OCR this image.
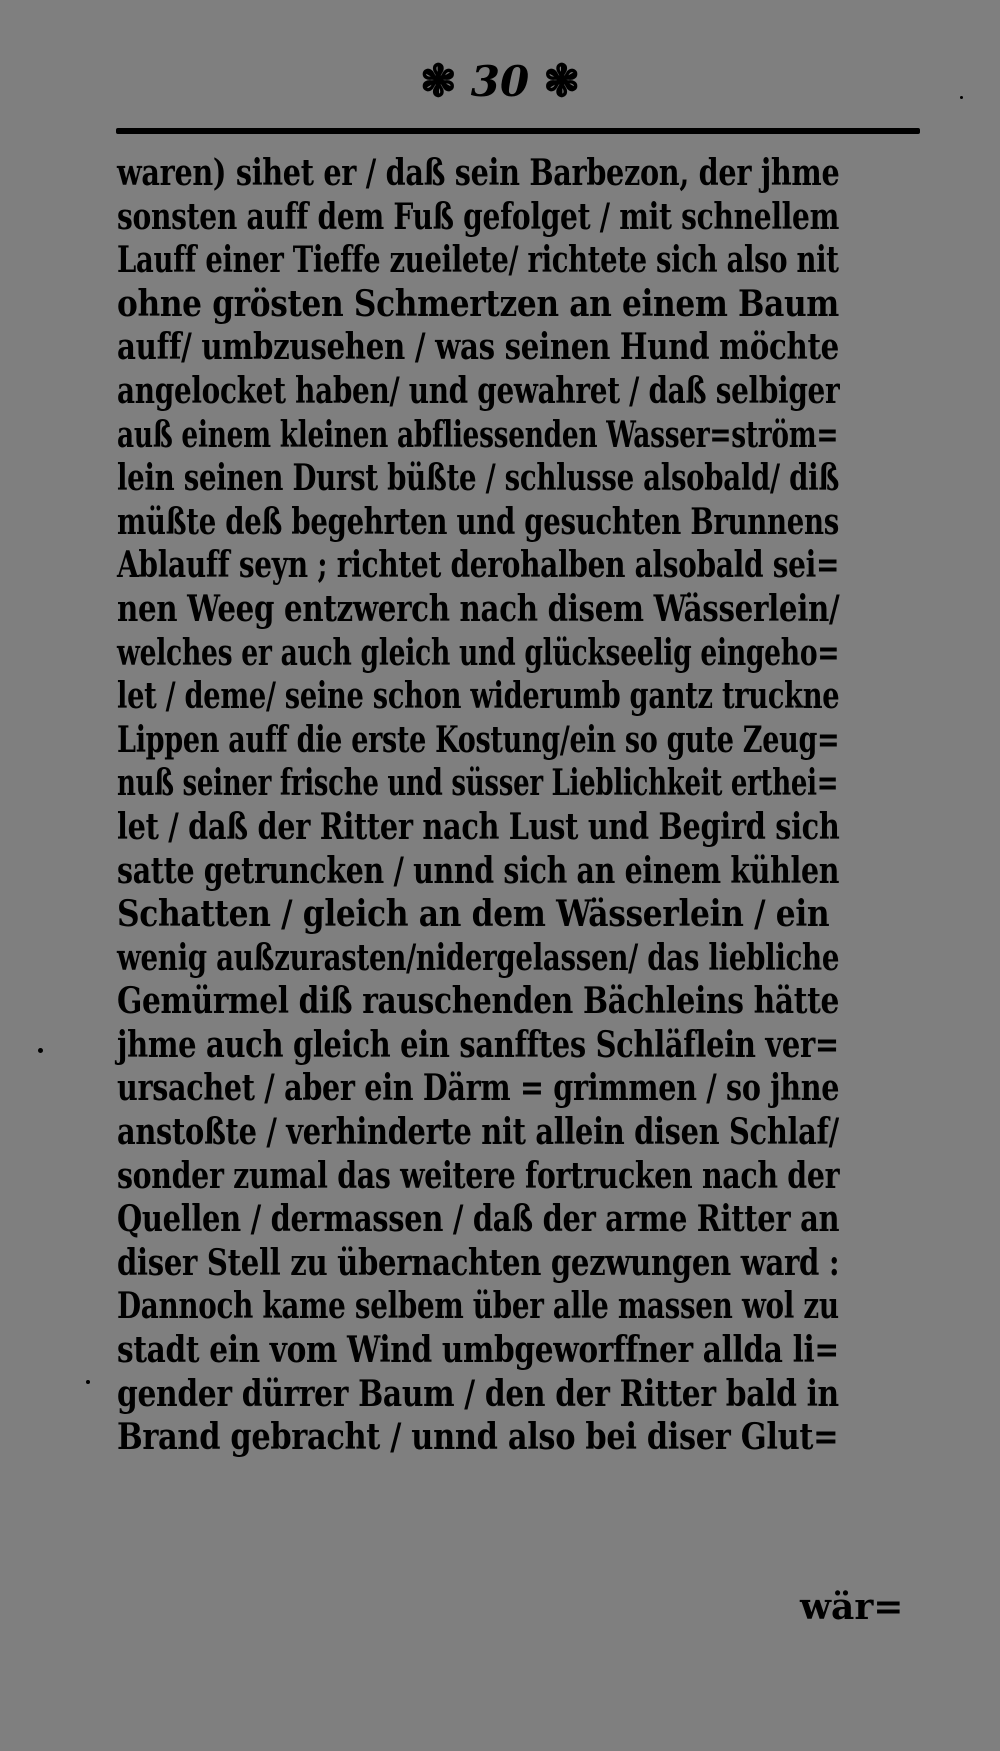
❃ 30 ❃
waren) sihet er / daß sein Barbezon, der jhme
sonsten auff dem Fuß gefolget / mit schnellem
Lauff einer Tieffe zueilete/ richtete sich also nit
ohne grösten Schmertzen an einem Baum
auff/ umbzusehen / was seinen Hund möchte
angelocket haben/ und gewahret / daß selbiger
auß einem kleinen abfliessenden Wasser=ström=
lein seinen Durst büßte / schlusse alsobald/ diß
müßte deß begehrten und gesuchten Brunnens
Ablauff seyn ; richtet derohalben alsobald sei=
nen Weeg entzwerch nach disem Wässerlein/
welches er auch gleich und glückseelig eingeho=
let / deme/ seine schon widerumb gantz truckne
Lippen auff die erste Kostung/ein so gute Zeug=
nuß seiner frische und süsser Lieblichkeit erthei=
let / daß der Ritter nach Lust und Begird sich
satte getruncken / unnd sich an einem kühlen
Schatten / gleich an dem Wässerlein / ein
wenig außzurasten/nidergelassen/ das liebliche
Gemürmel diß rauschenden Bächleins hätte
jhme auch gleich ein sanfftes Schläflein ver=
ursachet / aber ein Därm = grimmen / so jhne
anstoßte / verhinderte nit allein disen Schlaf/
sonder zumal das weitere fortrucken nach der
Quellen / dermassen / daß der arme Ritter an
diser Stell zu übernachten gezwungen ward :
Dannoch kame selbem über alle massen wol zu
stadt ein vom Wind umbgeworffner allda li=
gender dürrer Baum / den der Ritter bald in
Brand gebracht / unnd also bei diser Glut=
wär=
